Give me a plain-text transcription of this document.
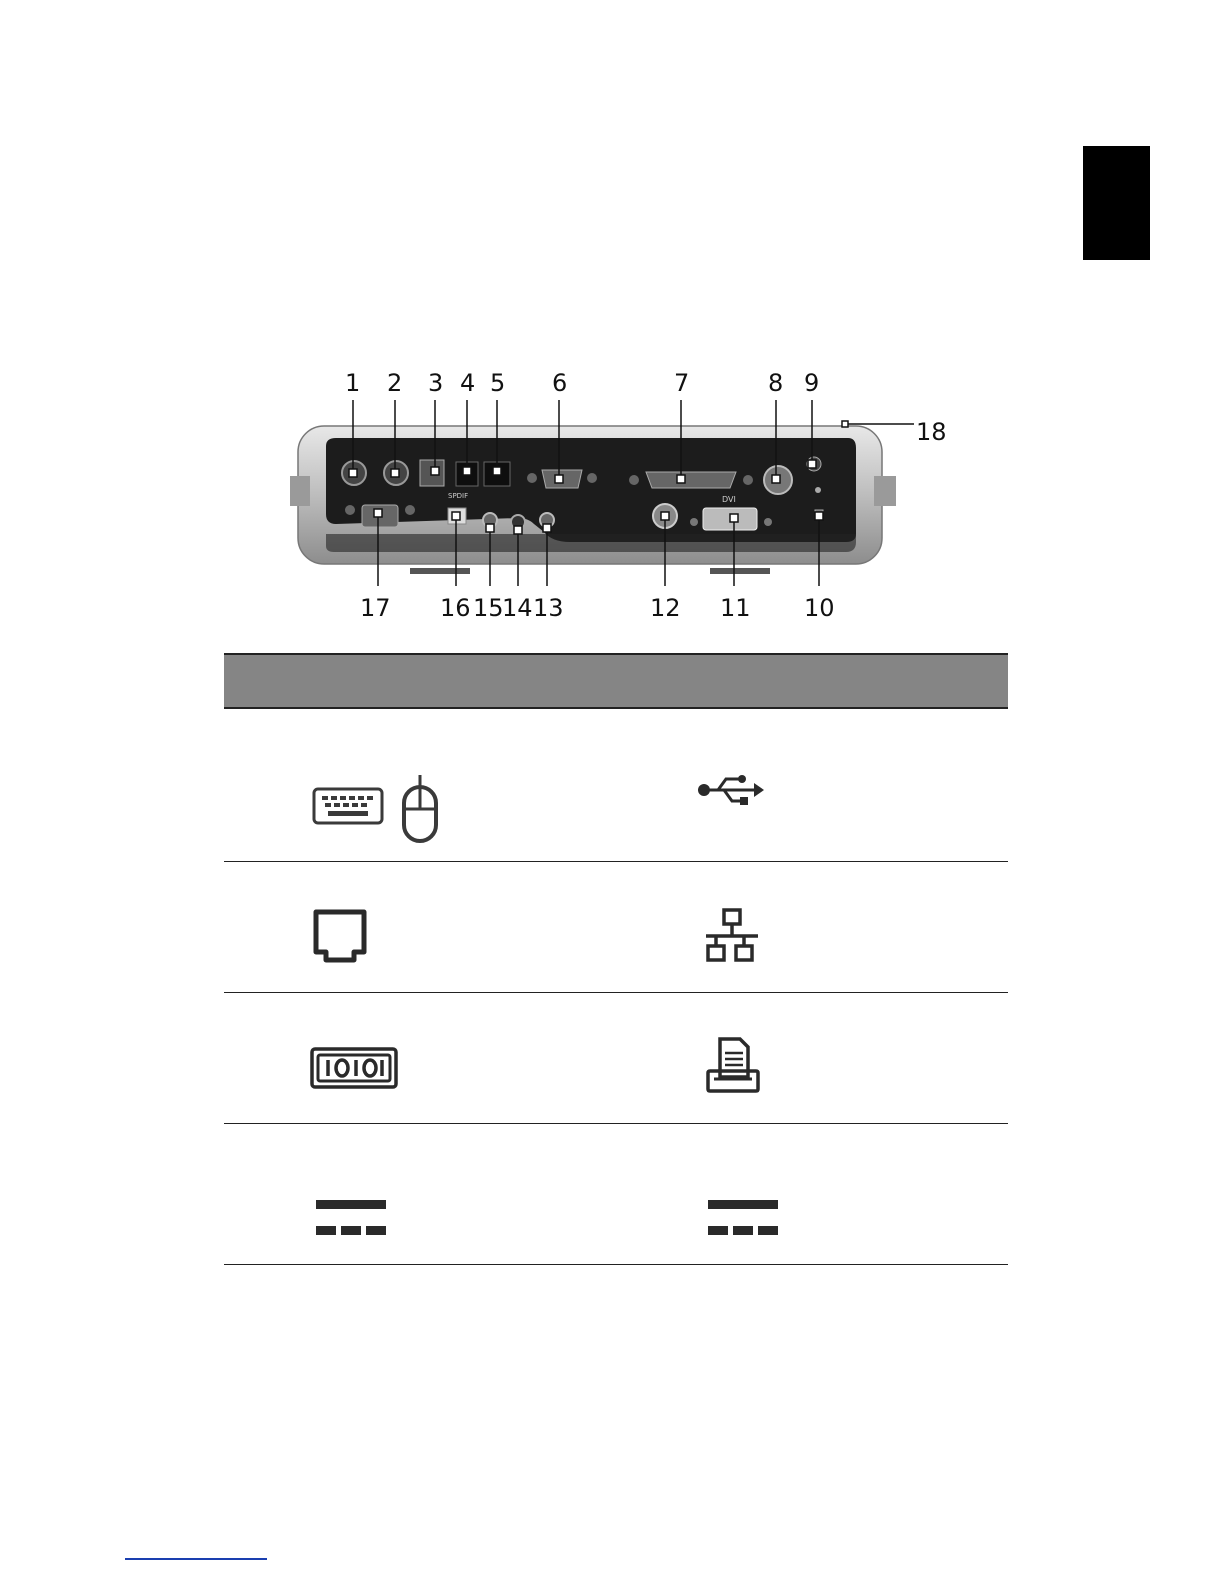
1 2 3 4 5 6	7	8 9
18
SPDIF	DVI
17 16 15
14 13	12 11 10
